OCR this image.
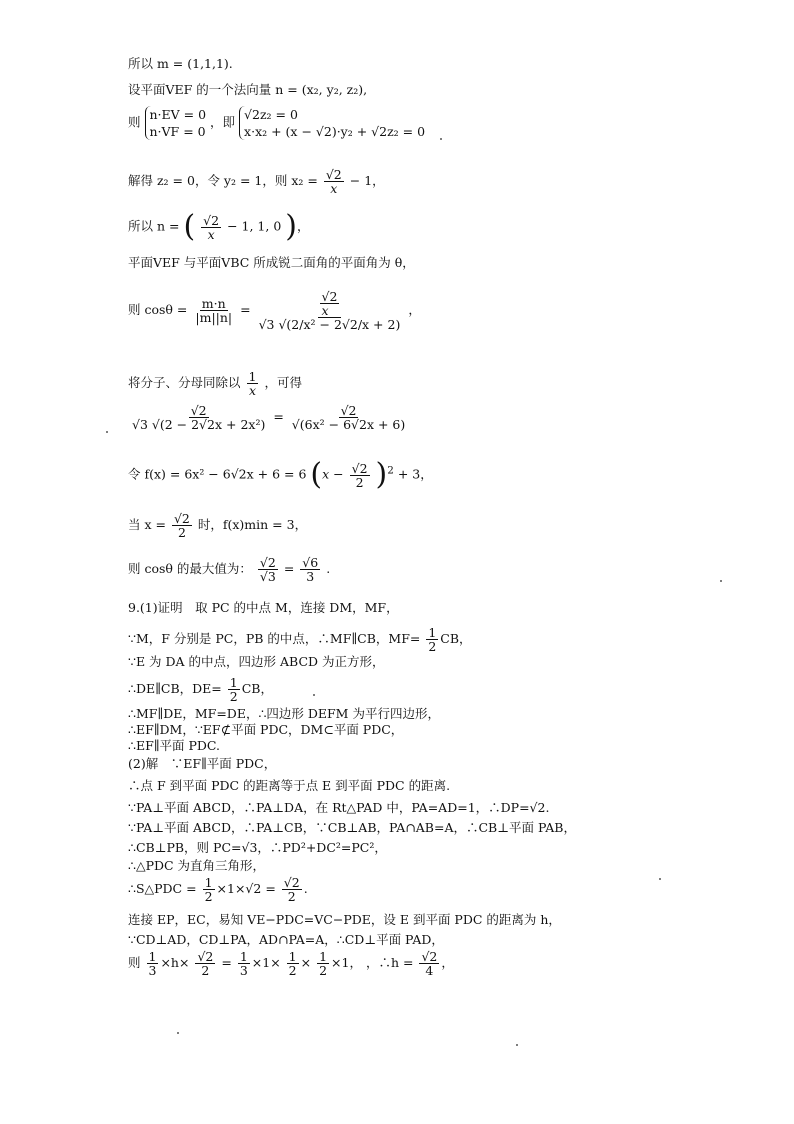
所以 m = (1,1,1).
设平面VEF 的一个法向量 n = (x₂, y₂, z₂),
则 n·EV = 0
n·VF = 0
，即 √2z₂ = 0
x·x₂ + (x − √2)·y₂ + √2z₂ = 0
解得 z₂ = 0，令 y₂ = 1，则 $x_2 = \frac{√2}{x} - 1$，
所以 n = ( $\frac{√2}{x} - 1$, 1, 0 )，
平面VEF 与平面VBC 所成锐二面角的平面角为 θ，
则 $\cos\theta = \frac{m\cdot n}{|m||n|} = √2$
x
√3 √(2/x² − 2√2/x + 2) ，
将分子、分母同除以 $\frac{1}{x}$ ，可得
$\frac{√2}{\text{√3 √(2 − 2√2x + 2x²)}} = \frac{√2}{\text{√(6x² − 6√2x + 6)}}$
令 f(x) = 6x² − 6√2x + 6 = 6 $(x - \frac{√2}{2} )^2 + 3$，
当 $x = \frac{√2}{2}$ 时，f(x)min = 3，
则 cosθ 的最大值为： $\frac{√2}{√3} = \frac{√6}{3}$ .
9.(1)证明　取 PC 的中点 M，连接 DM，MF，
∵M，F 分别是 PC，PB 的中点，∴MF∥CB，$MF= \frac{1}{2}$ CB，
∵E 为 DA 的中点，四边形 ABCD 为正方形，
∴DE∥CB，$DE= \frac{1}{2}$ CB，
∴MF∥DE，MF=DE，∴四边形 DEFM 为平行四边形，
∴EF∥DM，∵EF⊄平面 PDC，DM⊂平面 PDC，
∴EF∥平面 PDC.
(2)解　∵EF∥平面 PDC，
∴点 F 到平面 PDC 的距离等于点 E 到平面 PDC 的距离.
∵PA⊥平面 ABCD，∴PA⊥DA，在 Rt△PAD 中，PA=AD=1，∴DP=√2.
∵PA⊥平面 ABCD，∴PA⊥CB，∵CB⊥AB，PA∩AB=A，∴CB⊥平面 PAB，
∴CB⊥PB，则 PC=√3，∴PD²+DC²=PC²，
∴△PDC 为直角三角形，
∴S△PDC = $\frac{1}{2} \times 1\times√2 = \frac{√2}{2}$ .
连接 EP，EC，易知 VE−PDC=VC−PDE，设 E 到平面 PDC 的距离为 h，
∵CD⊥AD，CD⊥PA，AD∩PA=A，∴CD⊥平面 PAD，
则 $\frac{1}{3} \times h\times \frac{√2}{2} = \frac{1}{3} \times 1\times \frac{1}{2} \times \frac{1}{2} \times 1$， ，∴h = $\frac{√2}{4}$ ，
